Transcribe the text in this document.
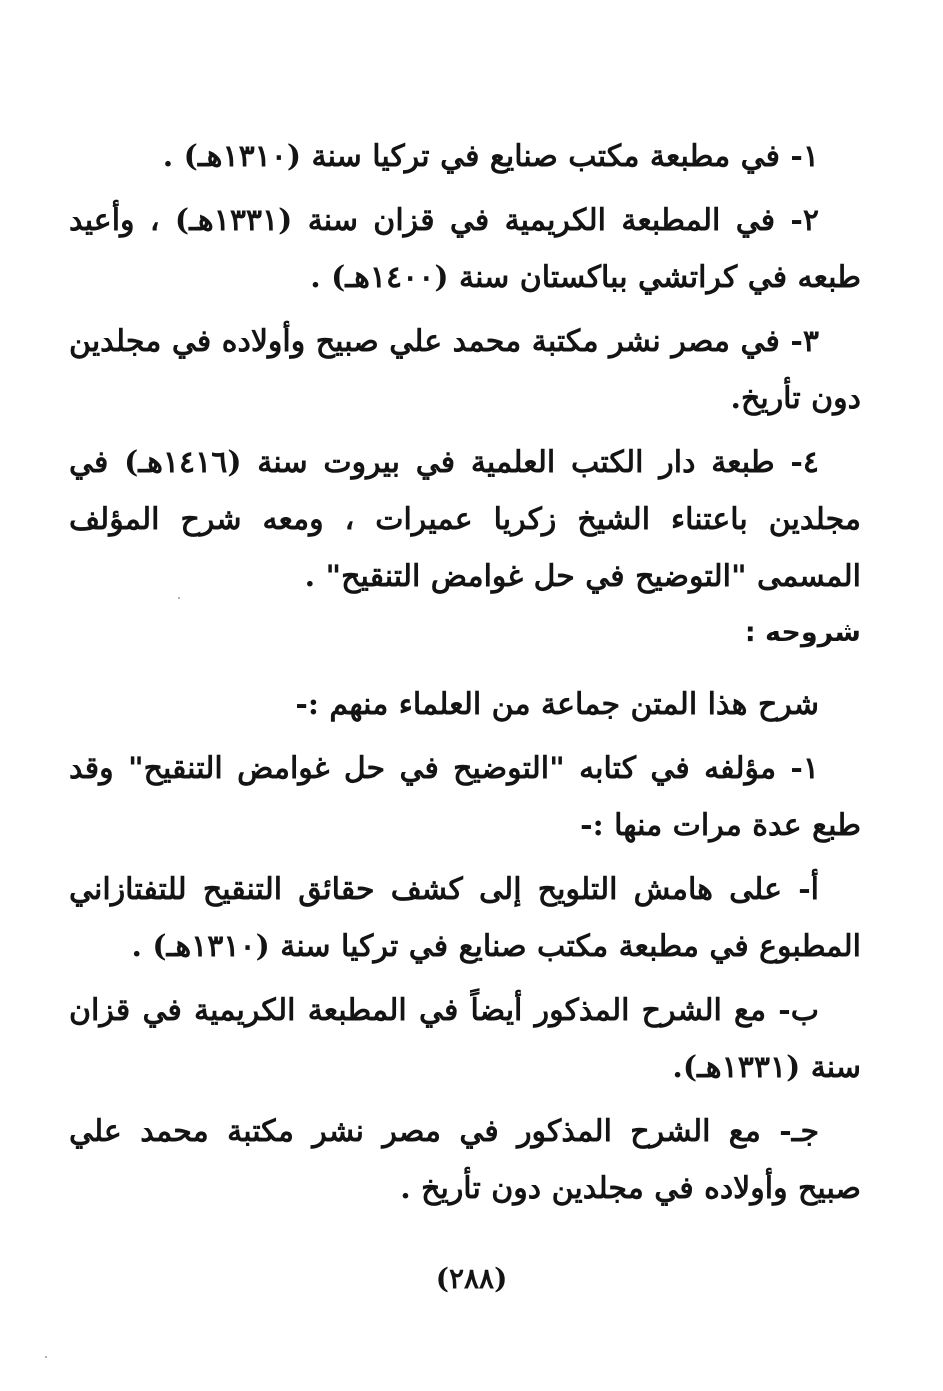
١- في مطبعة مكتب صنايع في تركيا سنة (١٣١٠هـ) .

٢- في المطبعة الكريمية في قزان سنة (١٣٣١هـ) ، وأعيد طبعه في كراتشي بباكستان سنة (١٤٠٠هـ) .

٣- في مصر نشر مكتبة محمد علي صبيح وأولاده في مجلدين دون تأريخ.

٤- طبعة دار الكتب العلمية في بيروت سنة (١٤١٦هـ) في مجلدين باعتناء الشيخ زكريا عميرات ، ومعه شرح المؤلف المسمى "التوضيح في حل غوامض التنقيح" .

شروحه :

شرح هذا المتن جماعة من العلماء منهم :-

١- مؤلفه في كتابه "التوضيح في حل غوامض التنقيح" وقد طبع عدة مرات منها :-

أ- على هامش التلويح إلى كشف حقائق التنقيح للتفتازاني المطبوع في مطبعة مكتب صنايع في تركيا سنة (١٣١٠هـ) .

ب- مع الشرح المذكور أيضاً في المطبعة الكريمية في قزان سنة (١٣٣١هـ).

جـ- مع الشرح المذكور في مصر نشر مكتبة محمد علي صبيح وأولاده في مجلدين دون تأريخ .

(٢٨٨)
